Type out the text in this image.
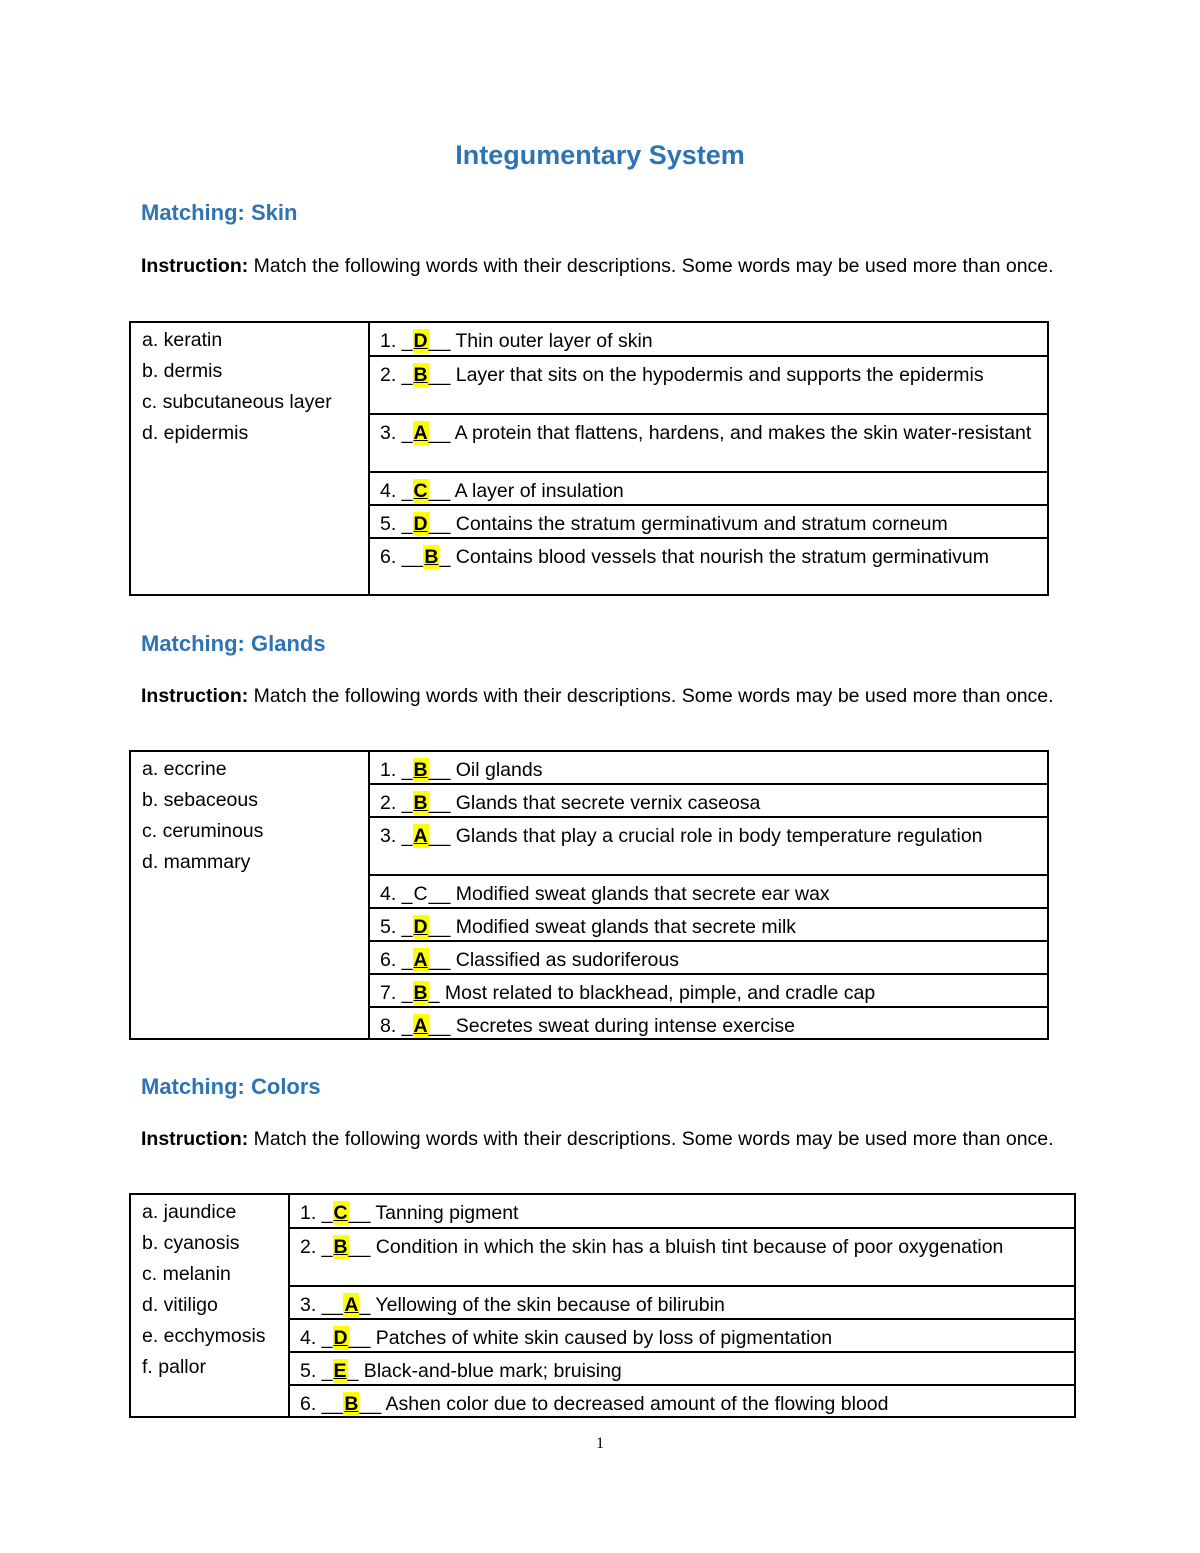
Integumentary System
Matching: Skin
Instruction: Match the following words with their descriptions. Some words may be used more than once.
a. keratin
b. dermis
c. subcutaneous layer
d. epidermis
	1. _D__ Thin outer layer of skin
2. _B__ Layer that sits on the hypodermis and supports the epidermis
3. _A__ A protein that flattens, hardens, and makes the skin water-resistant
4. _C__ A layer of insulation
5. _D__ Contains the stratum germinativum and stratum corneum
6. __B_ Contains blood vessels that nourish the stratum germinativum
Matching: Glands
Instruction: Match the following words with their descriptions. Some words may be used more than once.
a. eccrine
b. sebaceous
c. ceruminous
d. mammary
	1. _B__ Oil glands
2. _B__ Glands that secrete vernix caseosa
3. _A__ Glands that play a crucial role in body temperature regulation
4. _C__ Modified sweat glands that secrete ear wax
5. _D__ Modified sweat glands that secrete milk
6. _A__ Classified as sudoriferous
7. _B_ Most related to blackhead, pimple, and cradle cap
8. _A__ Secretes sweat during intense exercise
Matching: Colors
Instruction: Match the following words with their descriptions. Some words may be used more than once.
a. jaundice
b. cyanosis
c. melanin
d. vitiligo
e. ecchymosis
f. pallor
	1. _C__ Tanning pigment
2. _B__ Condition in which the skin has a bluish tint because of poor oxygenation
3. __A_ Yellowing of the skin because of bilirubin
4. _D__ Patches of white skin caused by loss of pigmentation
5. _E_ Black-and-blue mark; bruising
6. __B__ Ashen color due to decreased amount of the flowing blood
1
